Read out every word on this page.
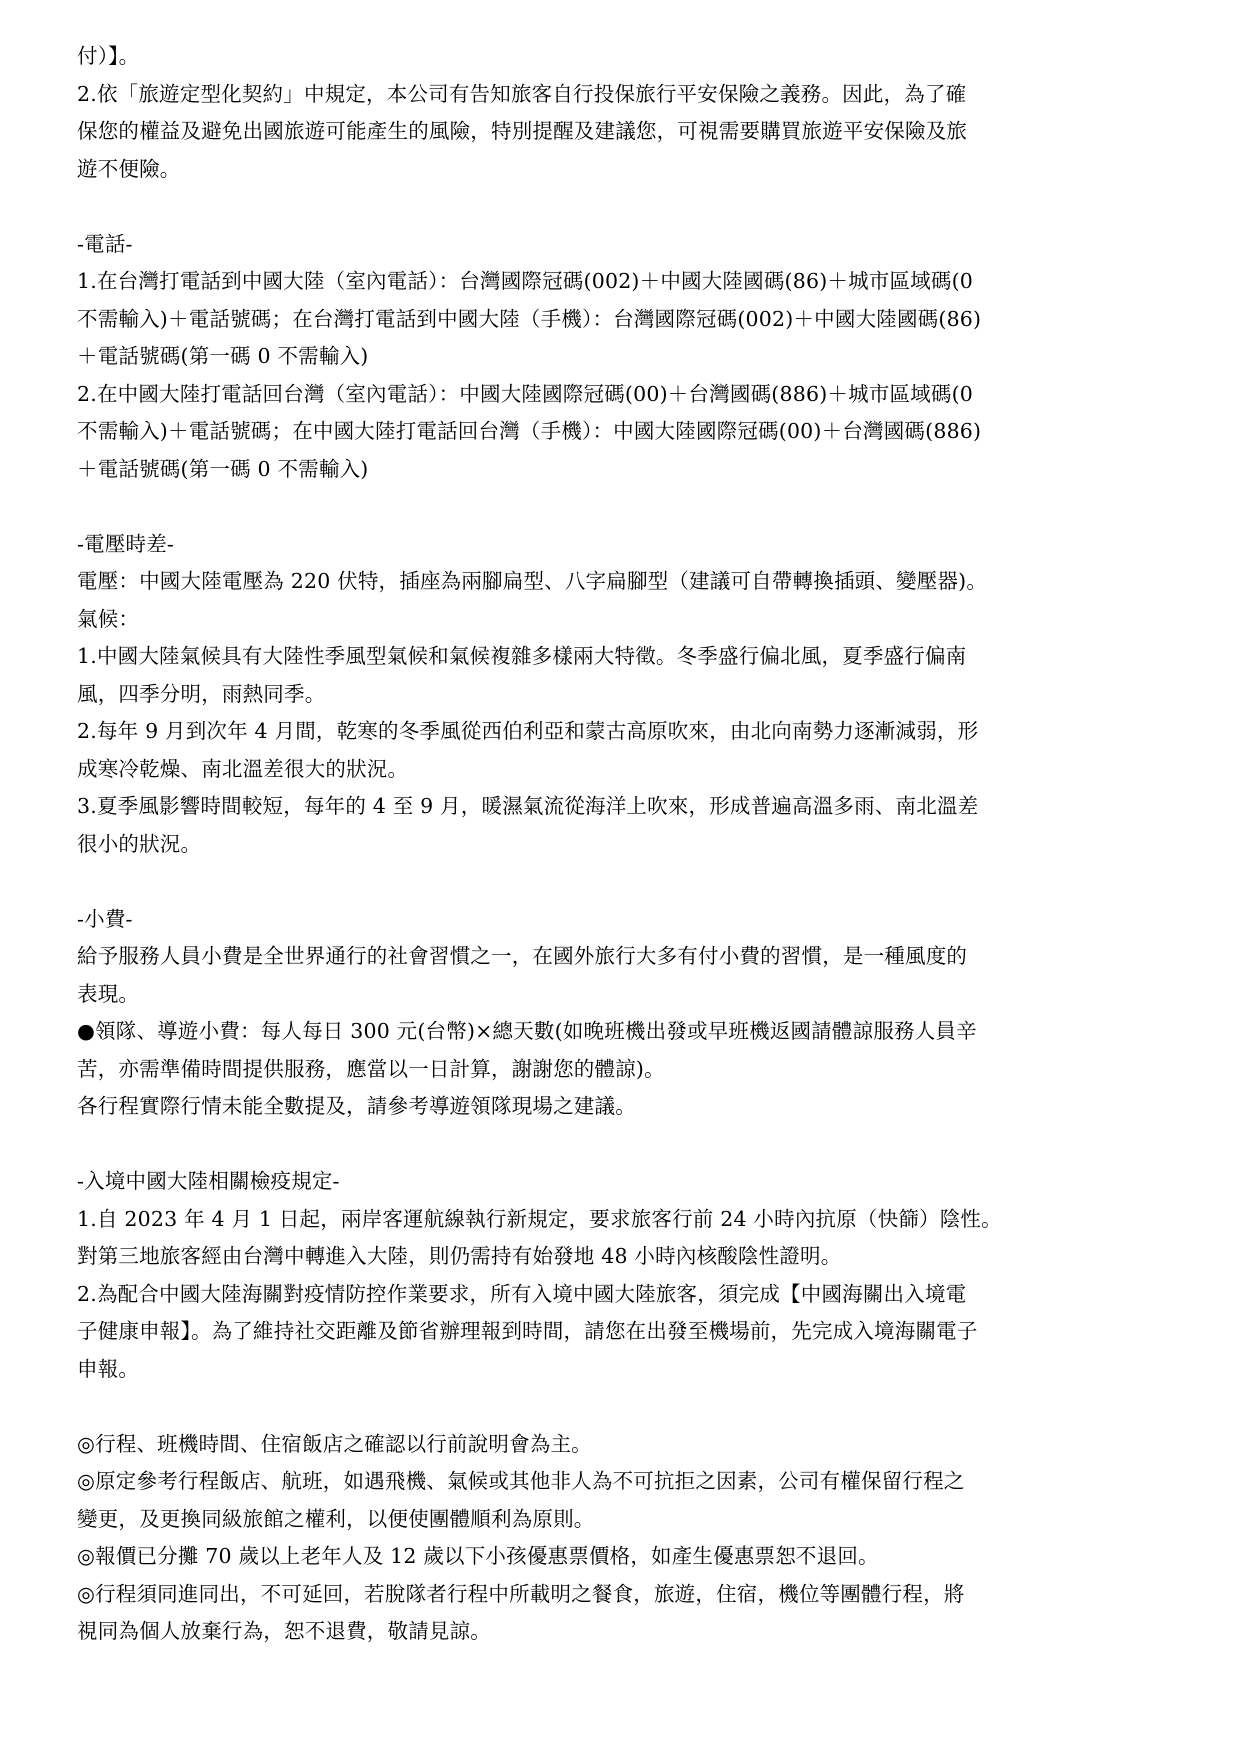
付）】。
2.依「旅遊定型化契約」中規定，本公司有告知旅客自行投保旅行平安保險之義務。因此，為了確
保您的權益及避免出國旅遊可能產生的風險，特別提醒及建議您，可視需要購買旅遊平安保險及旅
遊不便險。
-電話-
1.在台灣打電話到中國大陸（室內電話）：台灣國際冠碼(002)＋中國大陸國碼(86)＋城市區域碼(0
不需輸入)＋電話號碼；在台灣打電話到中國大陸（手機）：台灣國際冠碼(002)＋中國大陸國碼(86)
＋電話號碼(第一碼 0 不需輸入)
2.在中國大陸打電話回台灣（室內電話）：中國大陸國際冠碼(00)＋台灣國碼(886)＋城市區域碼(0
不需輸入)＋電話號碼；在中國大陸打電話回台灣（手機）：中國大陸國際冠碼(00)＋台灣國碼(886)
＋電話號碼(第一碼 0 不需輸入)
-電壓時差-
電壓：中國大陸電壓為 220 伏特，插座為兩腳扁型、八字扁腳型（建議可自帶轉換插頭、變壓器)。
氣候：
1.中國大陸氣候具有大陸性季風型氣候和氣候複雜多樣兩大特徵。冬季盛行偏北風，夏季盛行偏南
風，四季分明，雨熱同季。
2.每年 9 月到次年 4 月間，乾寒的冬季風從西伯利亞和蒙古高原吹來，由北向南勢力逐漸減弱，形
成寒冷乾燥、南北溫差很大的狀況。
3.夏季風影響時間較短，每年的 4 至 9 月，暖濕氣流從海洋上吹來，形成普遍高溫多雨、南北溫差
很小的狀況。
-小費-
給予服務人員小費是全世界通行的社會習慣之一，在國外旅行大多有付小費的習慣，是一種風度的
表現。
●領隊、導遊小費：每人每日 300 元(台幣)×總天數(如晚班機出發或早班機返國請體諒服務人員辛
苦，亦需準備時間提供服務，應當以一日計算，謝謝您的體諒)。
各行程實際行情未能全數提及，請參考導遊領隊現場之建議。
-入境中國大陸相關檢疫規定-
1.自 2023 年 4 月 1 日起，兩岸客運航線執行新規定，要求旅客行前 24 小時內抗原（快篩）陰性。
對第三地旅客經由台灣中轉進入大陸，則仍需持有始發地 48 小時內核酸陰性證明。
2.為配合中國大陸海關對疫情防控作業要求，所有入境中國大陸旅客，須完成【中國海關出入境電
子健康申報】。為了維持社交距離及節省辦理報到時間，請您在出發至機場前，先完成入境海關電子
申報。
◎行程、班機時間、住宿飯店之確認以行前說明會為主。
◎原定參考行程飯店、航班，如遇飛機、氣候或其他非人為不可抗拒之因素，公司有權保留行程之
變更，及更換同級旅館之權利，以便使團體順利為原則。
◎報價已分攤 70 歲以上老年人及 12 歲以下小孩優惠票價格，如產生優惠票恕不退回。
◎行程須同進同出，不可延回，若脫隊者行程中所載明之餐食，旅遊，住宿，機位等團體行程，將
視同為個人放棄行為，恕不退費，敬請見諒。
